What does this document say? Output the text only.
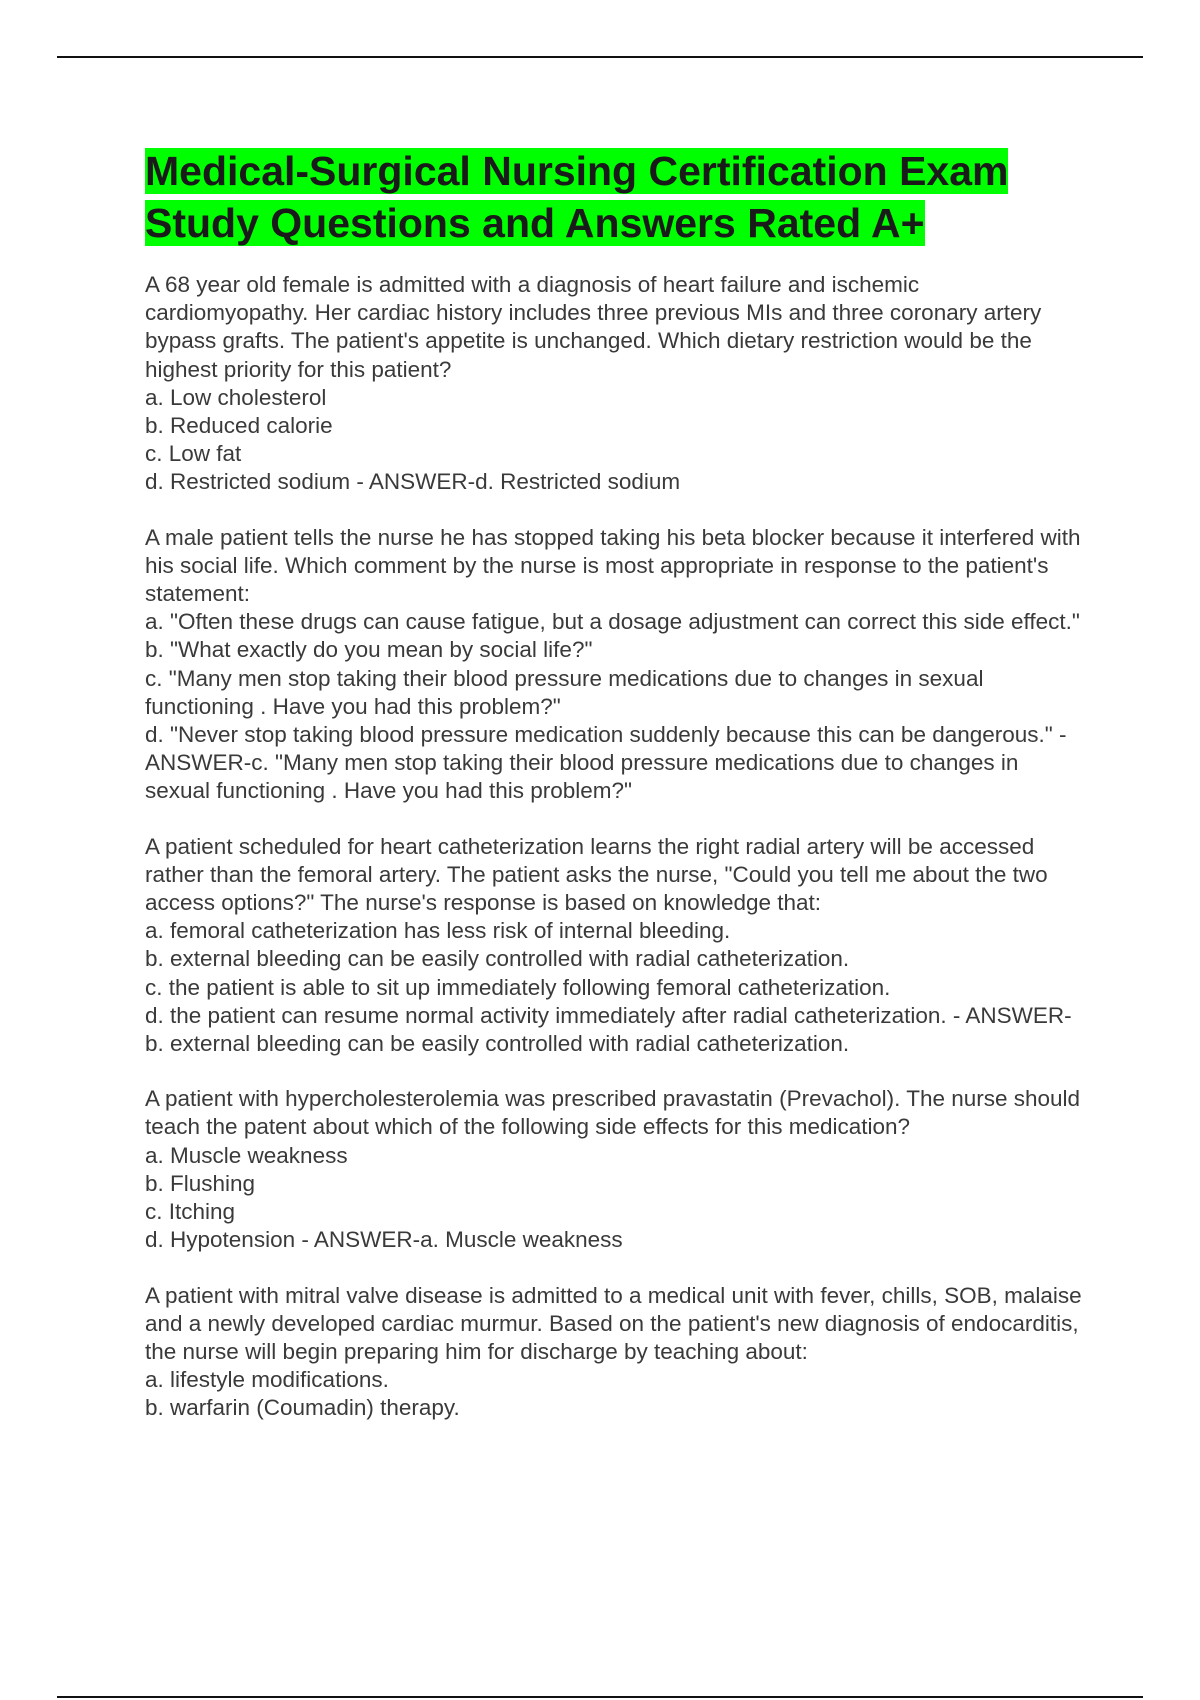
Medical-Surgical Nursing Certification Exam Study Questions and Answers Rated A+
A 68 year old female is admitted with a diagnosis of heart failure and ischemic cardiomyopathy. Her cardiac history includes three previous MIs and three coronary artery bypass grafts. The patient's appetite is unchanged. Which dietary restriction would be the highest priority for this patient?
a. Low cholesterol
b. Reduced calorie
c. Low fat
d. Restricted sodium - ANSWER-d. Restricted sodium
A male patient tells the nurse he has stopped taking his beta blocker because it interfered with his social life. Which comment by the nurse is most appropriate in response to the patient's statement:
a. "Often these drugs can cause fatigue, but a dosage adjustment can correct this side effect."
b. "What exactly do you mean by social life?"
c. "Many men stop taking their blood pressure medications due to changes in sexual functioning . Have you had this problem?"
d. "Never stop taking blood pressure medication suddenly because this can be dangerous." - ANSWER-c. "Many men stop taking their blood pressure medications due to changes in sexual functioning . Have you had this problem?"
A patient scheduled for heart catheterization learns the right radial artery will be accessed rather than the femoral artery. The patient asks the nurse, "Could you tell me about the two access options?" The nurse's response is based on knowledge that:
a. femoral catheterization has less risk of internal bleeding.
b. external bleeding can be easily controlled with radial catheterization.
c. the patient is able to sit up immediately following femoral catheterization.
d. the patient can resume normal activity immediately after radial catheterization. - ANSWER-b. external bleeding can be easily controlled with radial catheterization.
A patient with hypercholesterolemia was prescribed pravastatin (Prevachol). The nurse should teach the patent about which of the following side effects for this medication?
a. Muscle weakness
b. Flushing
c. Itching
d. Hypotension - ANSWER-a. Muscle weakness
A patient with mitral valve disease is admitted to a medical unit with fever, chills, SOB, malaise and a newly developed cardiac murmur. Based on the patient's new diagnosis of endocarditis, the nurse will begin preparing him for discharge by teaching about:
a. lifestyle modifications.
b. warfarin (Coumadin) therapy.
